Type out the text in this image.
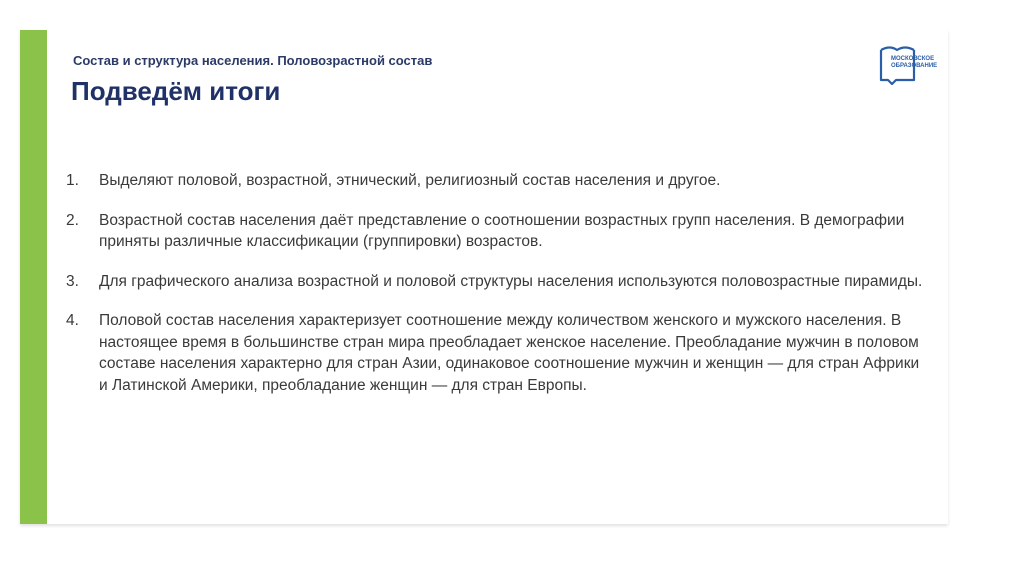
Состав и структура населения. Половозрастной состав
Подведём итоги
МОСКОВСКОЕ
ОБРАЗОВАНИЕ
1. Выделяют половой, возрастной, этнический, религиозный состав населения и другое.
2. Возрастной состав населения даёт представление о соотношении возрастных групп населения. В демографии приняты различные классификации (группировки) возрастов.
3. Для графического анализа возрастной и половой структуры населения используются половозрастные пирамиды.
4. Половой состав населения характеризует соотношение между количеством женского и мужского населения. В настоящее время в большинстве стран мира преобладает женское население. Преобладание мужчин в половом составе населения характерно для стран Азии, одинаковое соотношение мужчин и женщин — для стран Африки и Латинской Америки, преобладание женщин — для стран Европы.
